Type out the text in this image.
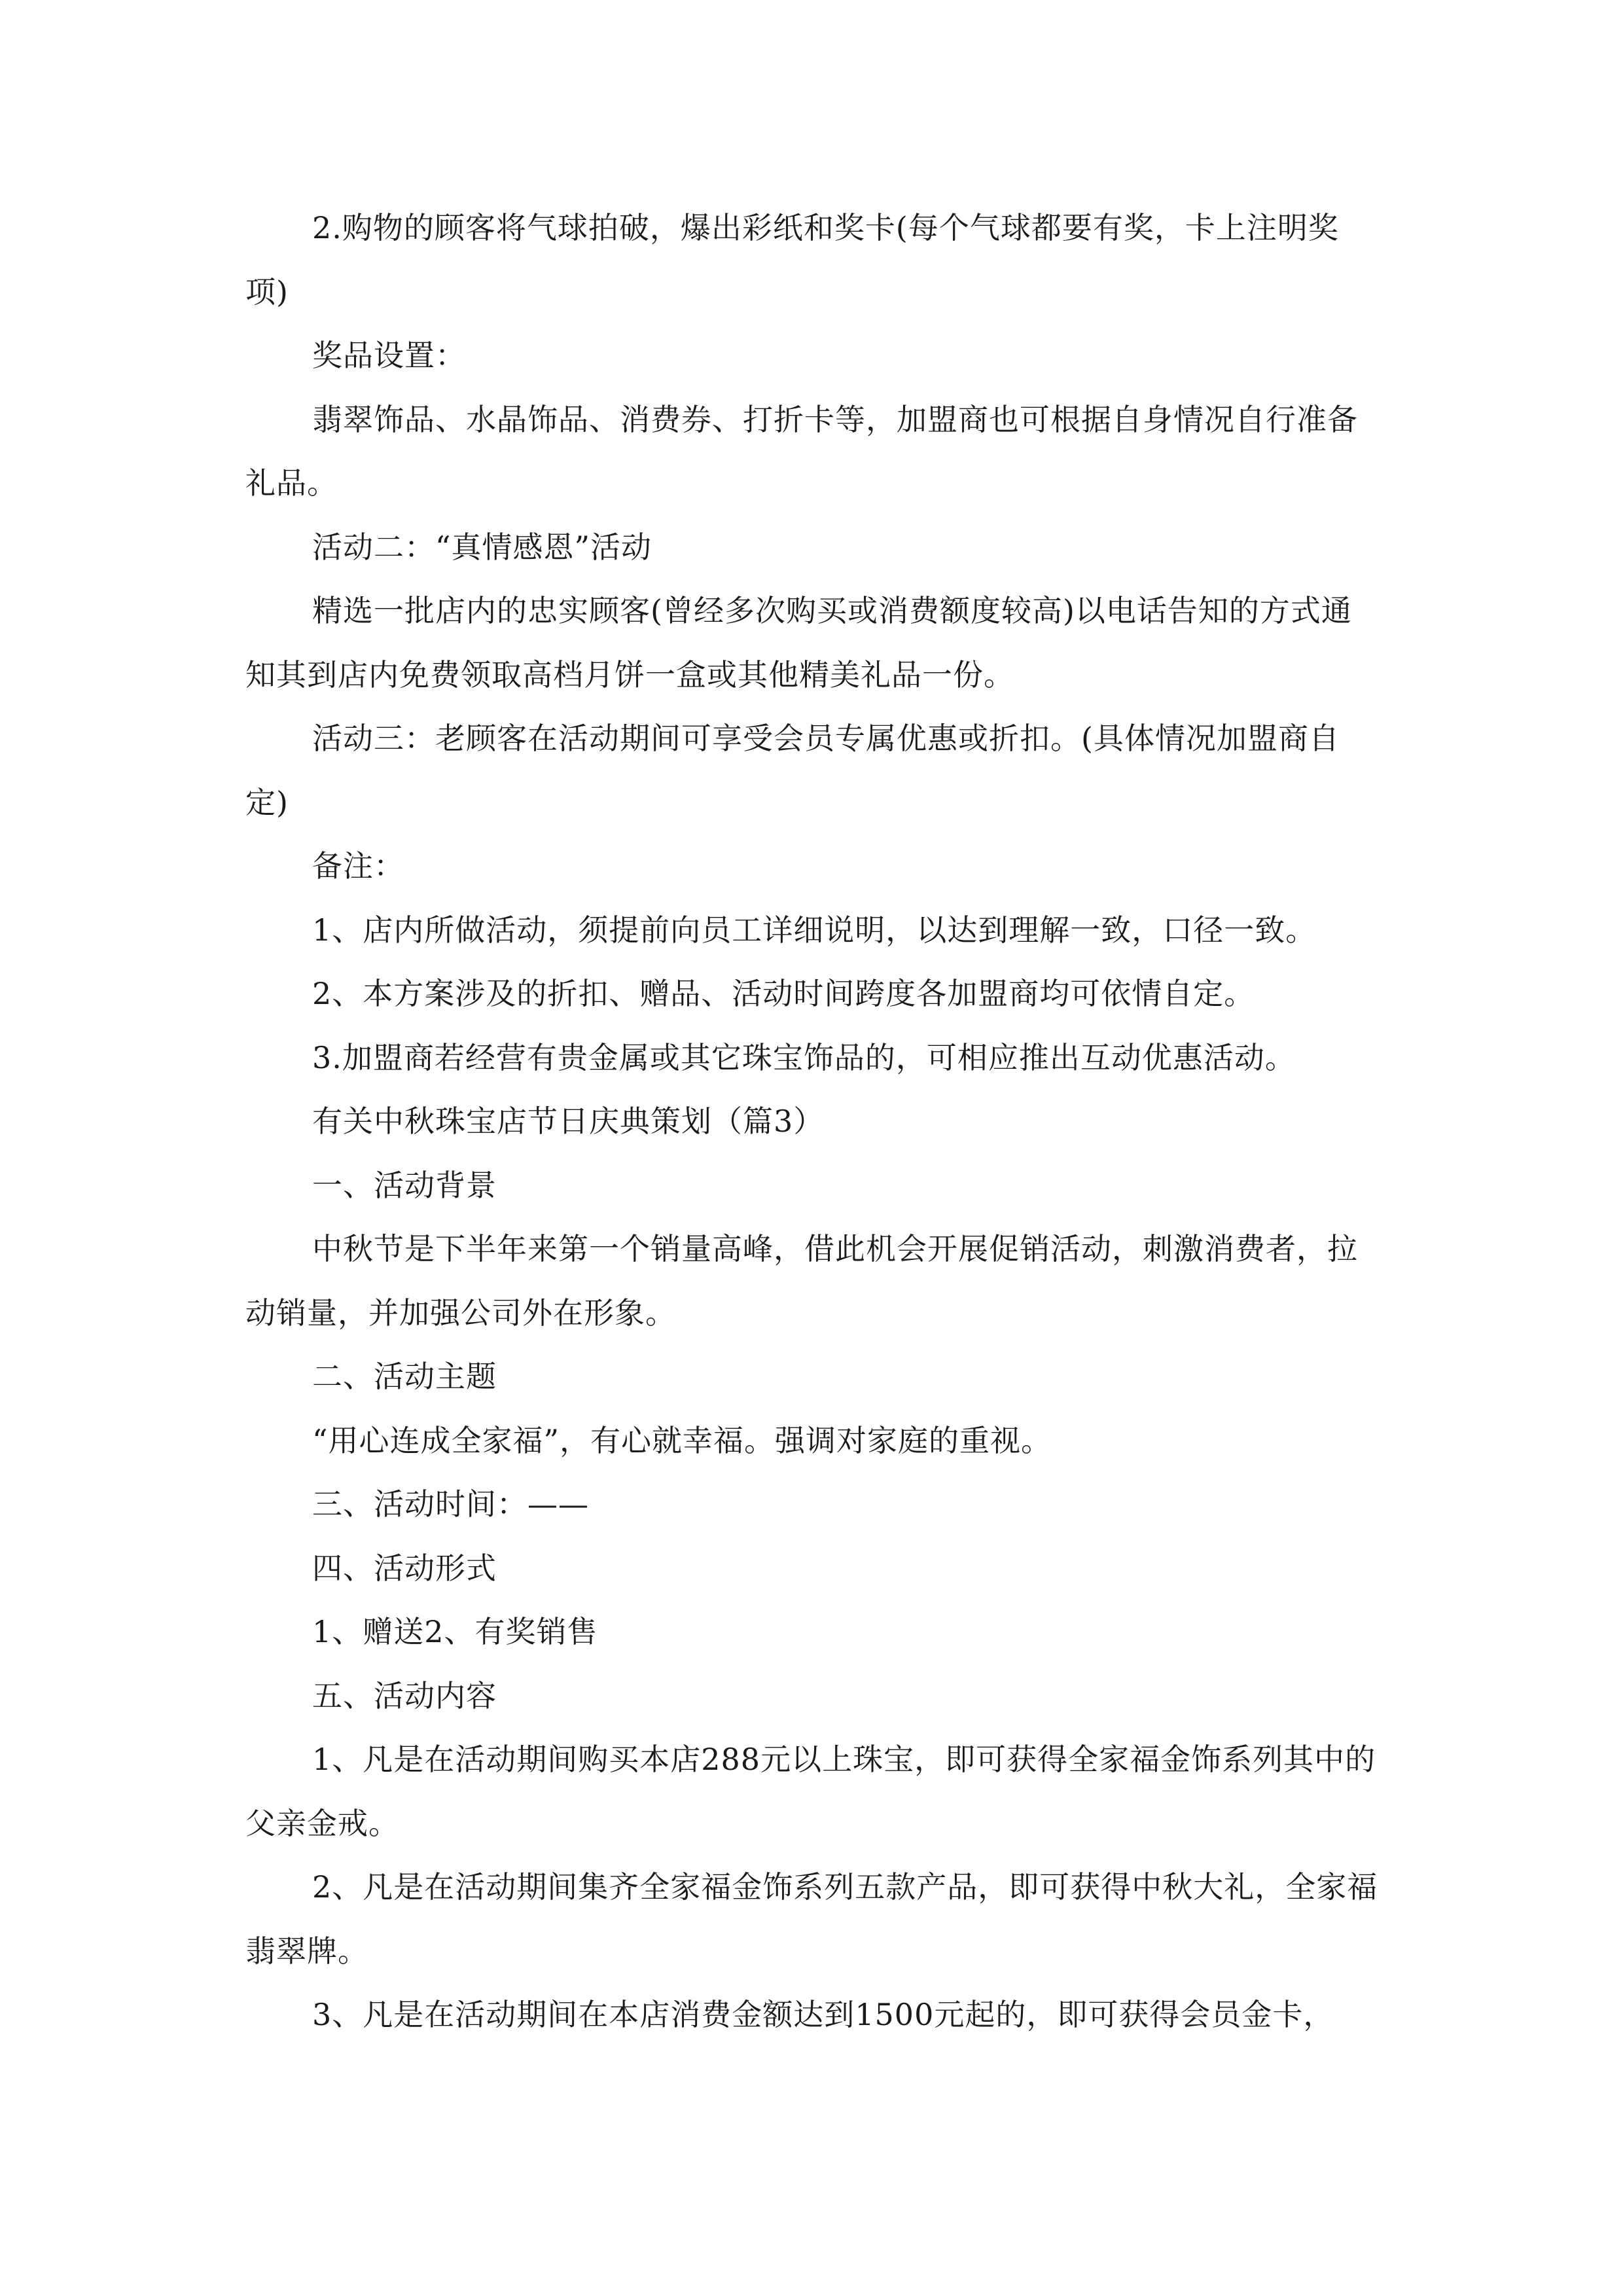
2.购物的顾客将气球拍破，爆出彩纸和奖卡(每个气球都要有奖，卡上注明奖项)

奖品设置：

翡翠饰品、水晶饰品、消费券、打折卡等，加盟商也可根据自身情况自行准备礼品。

活动二：“真情感恩”活动

精选一批店内的忠实顾客(曾经多次购买或消费额度较高)以电话告知的方式通知其到店内免费领取高档月饼一盒或其他精美礼品一份。

活动三：老顾客在活动期间可享受会员专属优惠或折扣。(具体情况加盟商自定)

备注：

1、店内所做活动，须提前向员工详细说明，以达到理解一致，口径一致。

2、本方案涉及的折扣、赠品、活动时间跨度各加盟商均可依情自定。

3.加盟商若经营有贵金属或其它珠宝饰品的，可相应推出互动优惠活动。

有关中秋珠宝店节日庆典策划（篇3）

一、活动背景

中秋节是下半年来第一个销量高峰，借此机会开展促销活动，刺激消费者，拉动销量，并加强公司外在形象。

二、活动主题

“用心连成全家福”，有心就幸福。强调对家庭的重视。

三、活动时间：——

四、活动形式

1、赠送2、有奖销售

五、活动内容

1、凡是在活动期间购买本店288元以上珠宝，即可获得全家福金饰系列其中的父亲金戒。

2、凡是在活动期间集齐全家福金饰系列五款产品，即可获得中秋大礼，全家福翡翠牌。

3、凡是在活动期间在本店消费金额达到1500元起的，即可获得会员金卡，
